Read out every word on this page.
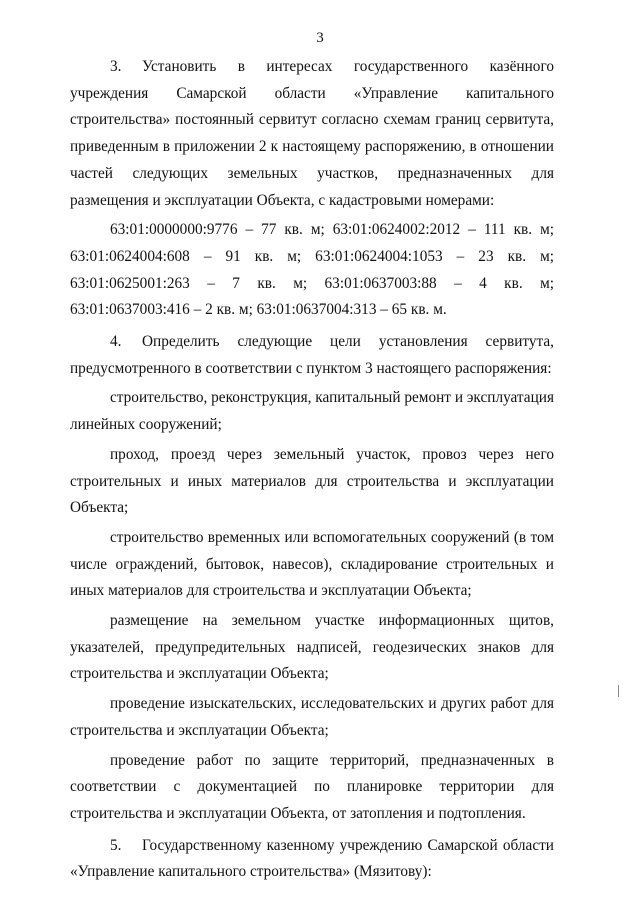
3

3. Установить в интересах государственного казённого учреждения Самарской области «Управление капитального строительства» постоянный сервитут согласно схемам границ сервитута, приведенным в приложении 2 к настоящему распоряжению, в отношении частей следующих земельных участков, предназначенных для размещения и эксплуатации Объекта, с кадастровыми номерами:

63:01:0000000:9776 – 77 кв. м; 63:01:0624002:2012 – 111 кв. м; 63:01:0624004:608 – 91 кв. м; 63:01:0624004:1053 – 23 кв. м; 63:01:0625001:263 – 7 кв. м; 63:01:0637003:88 – 4 кв. м; 63:01:0637003:416 – 2 кв. м; 63:01:0637004:313 – 65 кв. м.

4. Определить следующие цели установления сервитута, предусмотренного в соответствии с пунктом 3 настоящего распоряжения:

строительство, реконструкция, капитальный ремонт и эксплуатация линейных сооружений;

проход, проезд через земельный участок, провоз через него строительных и иных материалов для строительства и эксплуатации Объекта;

строительство временных или вспомогательных сооружений (в том числе ограждений, бытовок, навесов), складирование строительных и иных материалов для строительства и эксплуатации Объекта;

размещение на земельном участке информационных щитов, указателей, предупредительных надписей, геодезических знаков для строительства и эксплуатации Объекта;

проведение изыскательских, исследовательских и других работ для строительства и эксплуатации Объекта;

проведение работ по защите территорий, предназначенных в соответствии с документацией по планировке территории для строительства и эксплуатации Объекта, от затопления и подтопления.

5. Государственному казенному учреждению Самарской области «Управление капитального строительства» (Мязитову):
